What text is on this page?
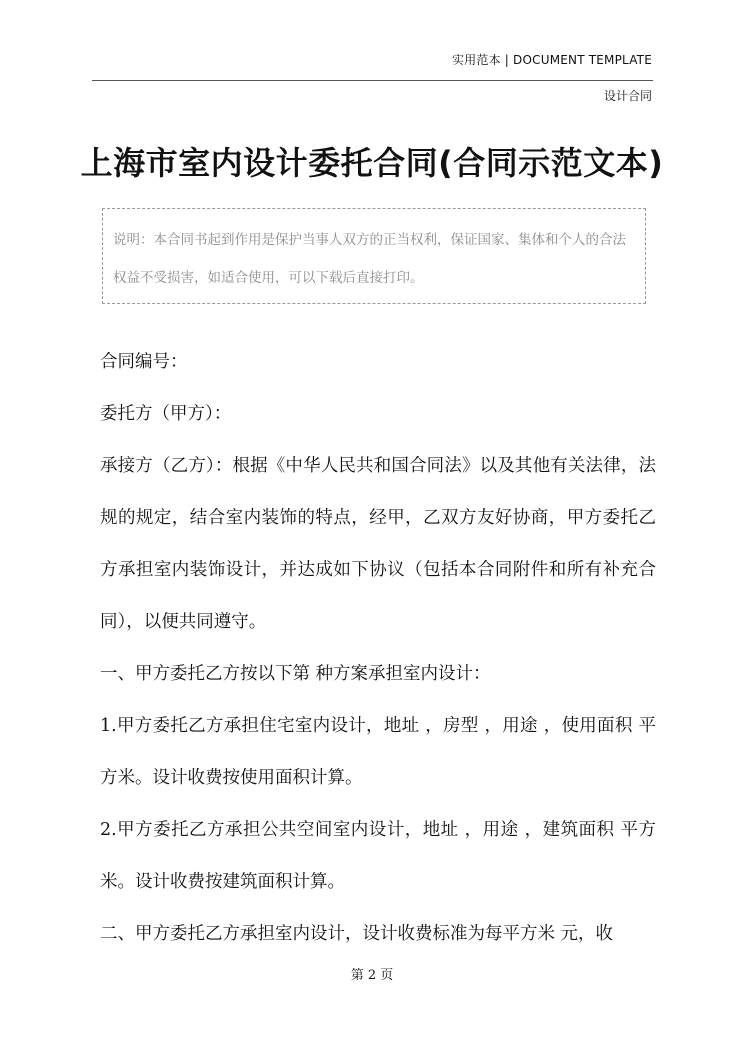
实用范本 | DOCUMENT TEMPLATE
设计合同
上海市室内设计委托合同(合同示范文本)

说明：本合同书起到作用是保护当事人双方的正当权利，保证国家、集体和个人的合法权益不受损害，如适合使用，可以下载后直接打印。

合同编号：

委托方（甲方）：

承接方（乙方）：根据《中华人民共和国合同法》以及其他有关法律，法规的规定，结合室内装饰的特点，经甲，乙双方友好协商，甲方委托乙方承担室内装饰设计，并达成如下协议（包括本合同附件和所有补充合同），以便共同遵守。

一、甲方委托乙方按以下第 种方案承担室内设计：

1.甲方委托乙方承担住宅室内设计，地址 ，房型 ，用途 ，使用面积 平方米。设计收费按使用面积计算。

2.甲方委托乙方承担公共空间室内设计，地址 ，用途 ，建筑面积 平方米。设计收费按建筑面积计算。

二、甲方委托乙方承担室内设计，设计收费标准为每平方米 元，收

第 2 页
